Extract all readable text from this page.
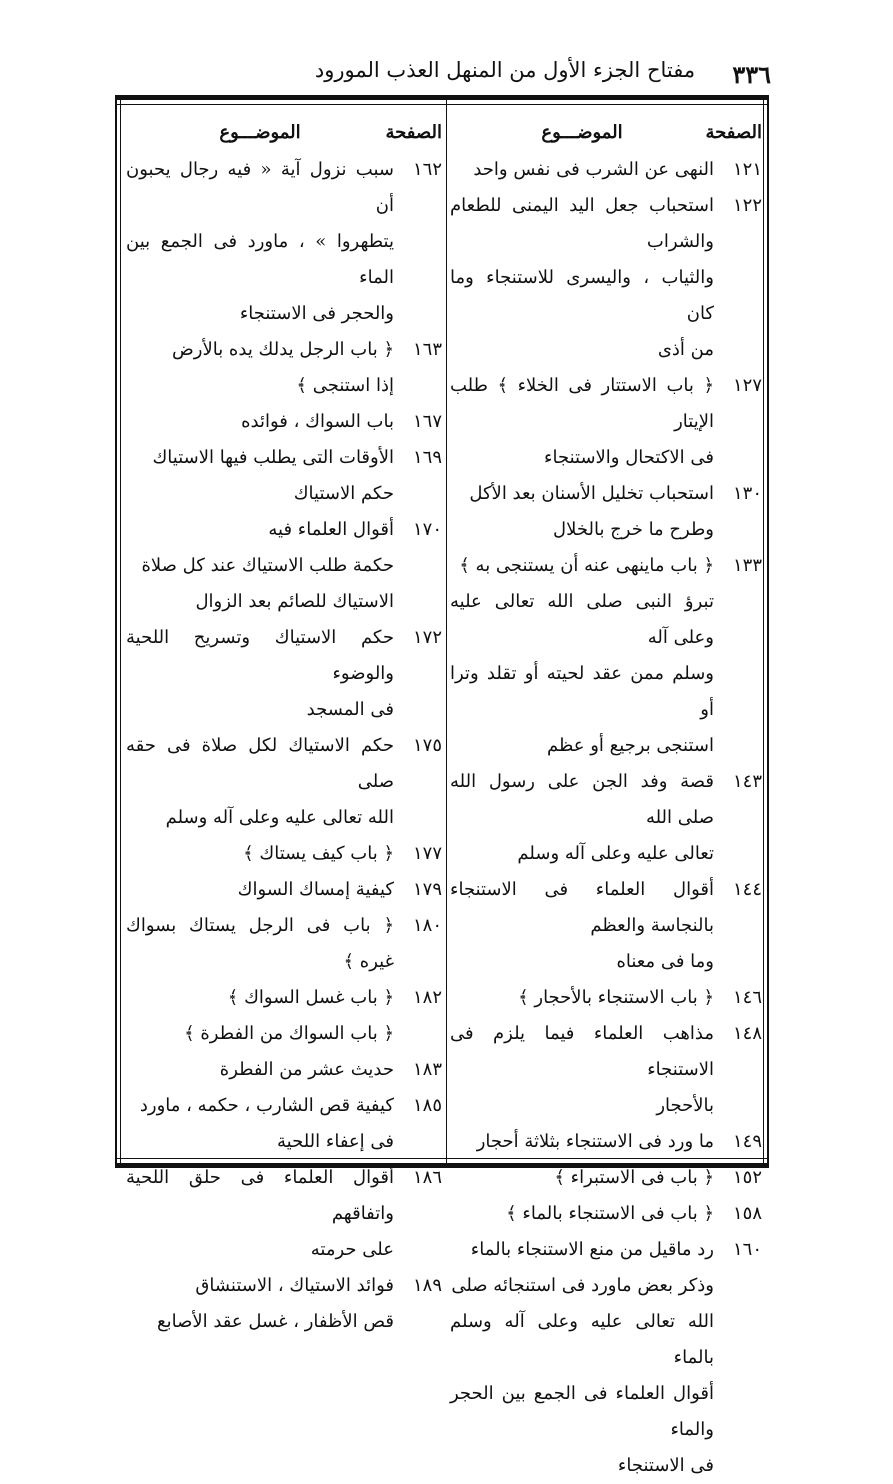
٣٣٦
مفتاح الجزء الأول من المنهل العذب المورود
الصفحة
الموضـــوع
١٢١
النهى عن الشرب فى نفس واحد
١٢٢
استحباب جعل اليد اليمنى للطعام والشراب
والثياب ، واليسرى للاستنجاء وما كان
من أذى
١٢٧
﴿ باب الاستتار فى الخلاء ﴾ طلب الإيتار
فى الاكتحال والاستنجاء
١٣٠
استحباب تخليل الأسنان بعد الأكل
وطرح ما خرج بالخلال
١٣٣
﴿ باب ماينهى عنه أن يستنجى به ﴾
تبرؤ النبى صلى الله تعالى عليه وعلى آله
وسلم ممن عقد لحيته أو تقلد وترا أو
استنجى برجيع أو عظم
١٤٣
قصة وفد الجن على رسول الله صلى الله
تعالى عليه وعلى آله وسلم
١٤٤
أقوال العلماء فى الاستنجاء بالنجاسة والعظم
وما فى معناه
١٤٦
﴿ باب الاستنجاء بالأحجار ﴾
١٤٨
مذاهب العلماء فيما يلزم فى الاستنجاء
بالأحجار
١٤٩
ما ورد فى الاستنجاء بثلاثة أحجار
١٥٢
﴿ باب فى الاستبراء ﴾
١٥٨
﴿ باب فى الاستنجاء بالماء ﴾
١٦٠
رد ماقيل من منع الاستنجاء بالماء
وذكر بعض ماورد فى استنجائه صلى
الله تعالى عليه وعلى آله وسلم بالماء
أقوال العلماء فى الجمع بين الحجر والماء
فى الاستنجاء
الصفحة
الموضـــوع
١٦٢
سبب نزول آية « فيه رجال يحبون أن
يتطهروا » ، ماورد فى الجمع بين الماء
والحجر فى الاستنجاء
١٦٣
﴿ باب الرجل يدلك يده بالأرض
إذا استنجى ﴾
١٦٧
باب السواك ، فوائده
١٦٩
الأوقات التى يطلب فيها الاستياك
حكم الاستياك
١٧٠
أقوال العلماء فيه
حكمة طلب الاستياك عند كل صلاة
الاستياك للصائم بعد الزوال
١٧٢
حكم الاستياك وتسريح اللحية والوضوء
فى المسجد
١٧٥
حكم الاستياك لكل صلاة فى حقه صلى
الله تعالى عليه وعلى آله وسلم
١٧٧
﴿ باب كيف يستاك ﴾
١٧٩
كيفية إمساك السواك
١٨٠
﴿ باب فى الرجل يستاك بسواك غيره ﴾
١٨٢
﴿ باب غسل السواك ﴾
﴿ باب السواك من الفطرة ﴾
١٨٣
حديث عشر من الفطرة
١٨٥
كيفية قص الشارب ، حكمه ، ماورد
فى إعفاء اللحية
١٨٦
أقوال العلماء فى حلق اللحية واتفاقهم
على حرمته
١٨٩
فوائد الاستياك ، الاستنشاق
قص الأظفار ، غسل عقد الأصابع
